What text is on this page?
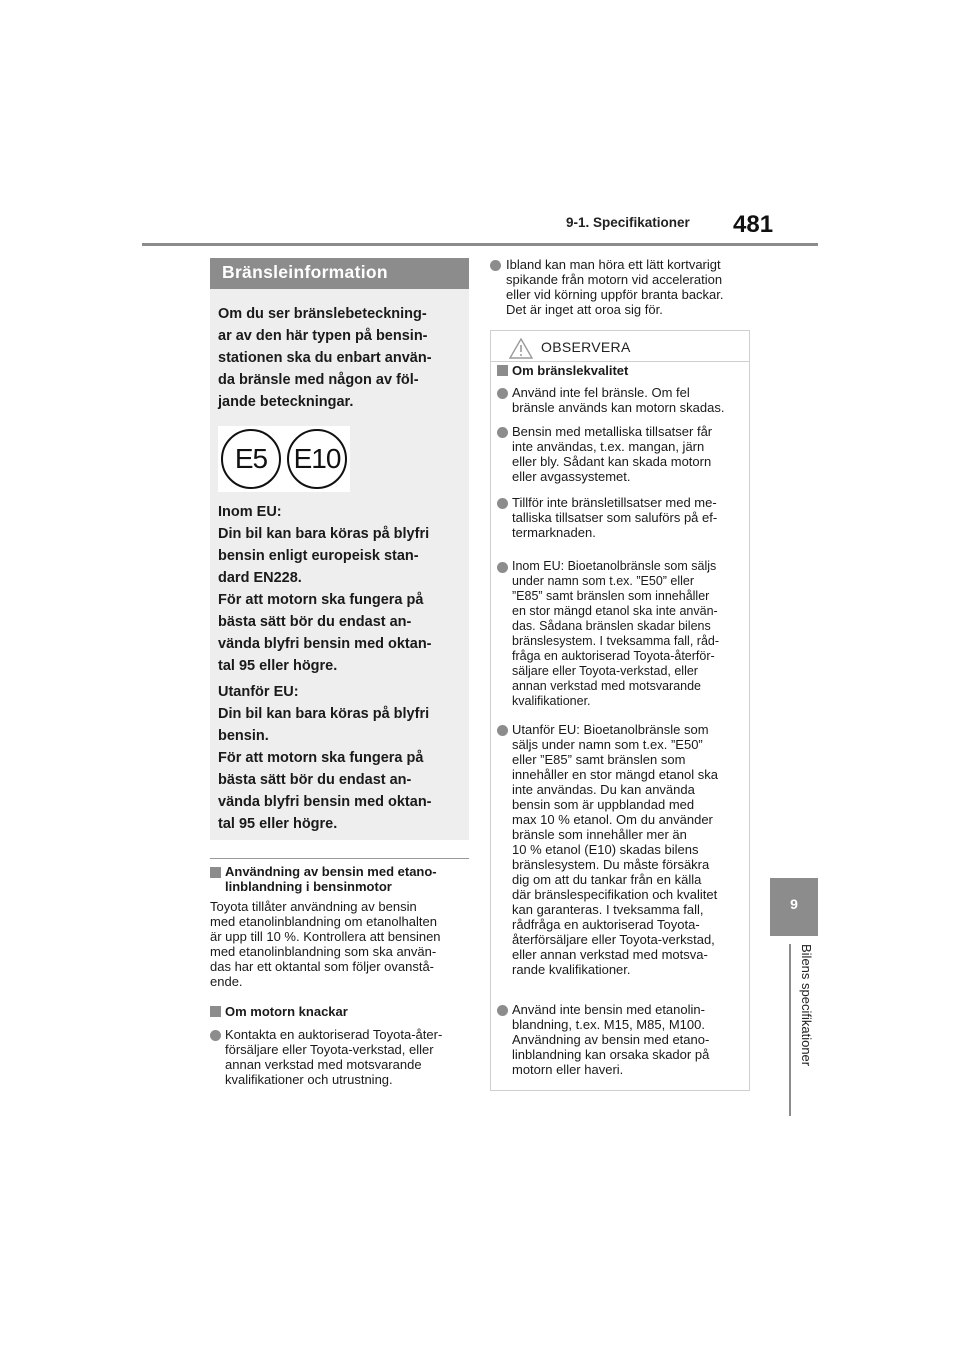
9-1. Specifikationer 481
9
Bilens specifikationer
Bränsleinformation
Om du ser bränslebeteckning-
ar av den här typen på bensin-
stationen ska du enbart använ-
da bränsle med någon av föl-
jande beteckningar.
E5 E10
Inom EU:
Din bil kan bara köras på blyfri
bensin enligt europeisk stan-
dard EN228.
För att motorn ska fungera på
bästa sätt bör du endast an-
vända blyfri bensin med oktan-
tal 95 eller högre.
Utanför EU:
Din bil kan bara köras på blyfri
bensin.
För att motorn ska fungera på
bästa sätt bör du endast an-
vända blyfri bensin med oktan-
tal 95 eller högre.
Användning av bensin med etano-
linblandning i bensinmotor
Toyota tillåter användning av bensin
med etanolinblandning om etanolhalten
är upp till 10 %. Kontrollera att bensinen
med etanolinblandning som ska använ-
das har ett oktantal som följer ovanstå-
ende.
Om motorn knackar
Kontakta en auktoriserad Toyota-åter-
försäljare eller Toyota-verkstad, eller
annan verkstad med motsvarande
kvalifikationer och utrustning.
Ibland kan man höra ett lätt kortvarigt
spikande från motorn vid acceleration
eller vid körning uppför branta backar.
Det är inget att oroa sig för.
OBSERVERA
Om bränslekvalitet
Använd inte fel bränsle. Om fel
bränsle används kan motorn skadas.
Bensin med metalliska tillsatser får
inte användas, t.ex. mangan, järn
eller bly. Sådant kan skada motorn
eller avgassystemet.
Tillför inte bränsletillsatser med me-
talliska tillsatser som saluförs på ef-
termarknaden.
Inom EU: Bioetanolbränsle som säljs
under namn som t.ex. ”E50” eller
”E85” samt bränslen som innehåller
en stor mängd etanol ska inte använ-
das. Sådana bränslen skadar bilens
bränslesystem. I tveksamma fall, råd-
fråga en auktoriserad Toyota-återför-
säljare eller Toyota-verkstad, eller
annan verkstad med motsvarande
kvalifikationer.
Utanför EU: Bioetanolbränsle som
säljs under namn som t.ex. ”E50”
eller ”E85” samt bränslen som
innehåller en stor mängd etanol ska
inte användas. Du kan använda
bensin som är uppblandad med
max 10 % etanol. Om du använder
bränsle som innehåller mer än
10 % etanol (E10) skadas bilens
bränslesystem. Du måste försäkra
dig om att du tankar från en källa
där bränslespecifikation och kvalitet
kan garanteras. I tveksamma fall,
rådfråga en auktoriserad Toyota-
återförsäljare eller Toyota-verkstad,
eller annan verkstad med motsva-
rande kvalifikationer.
Använd inte bensin med etanolin-
blandning, t.ex. M15, M85, M100.
Användning av bensin med etano-
linblandning kan orsaka skador på
motorn eller haveri.
